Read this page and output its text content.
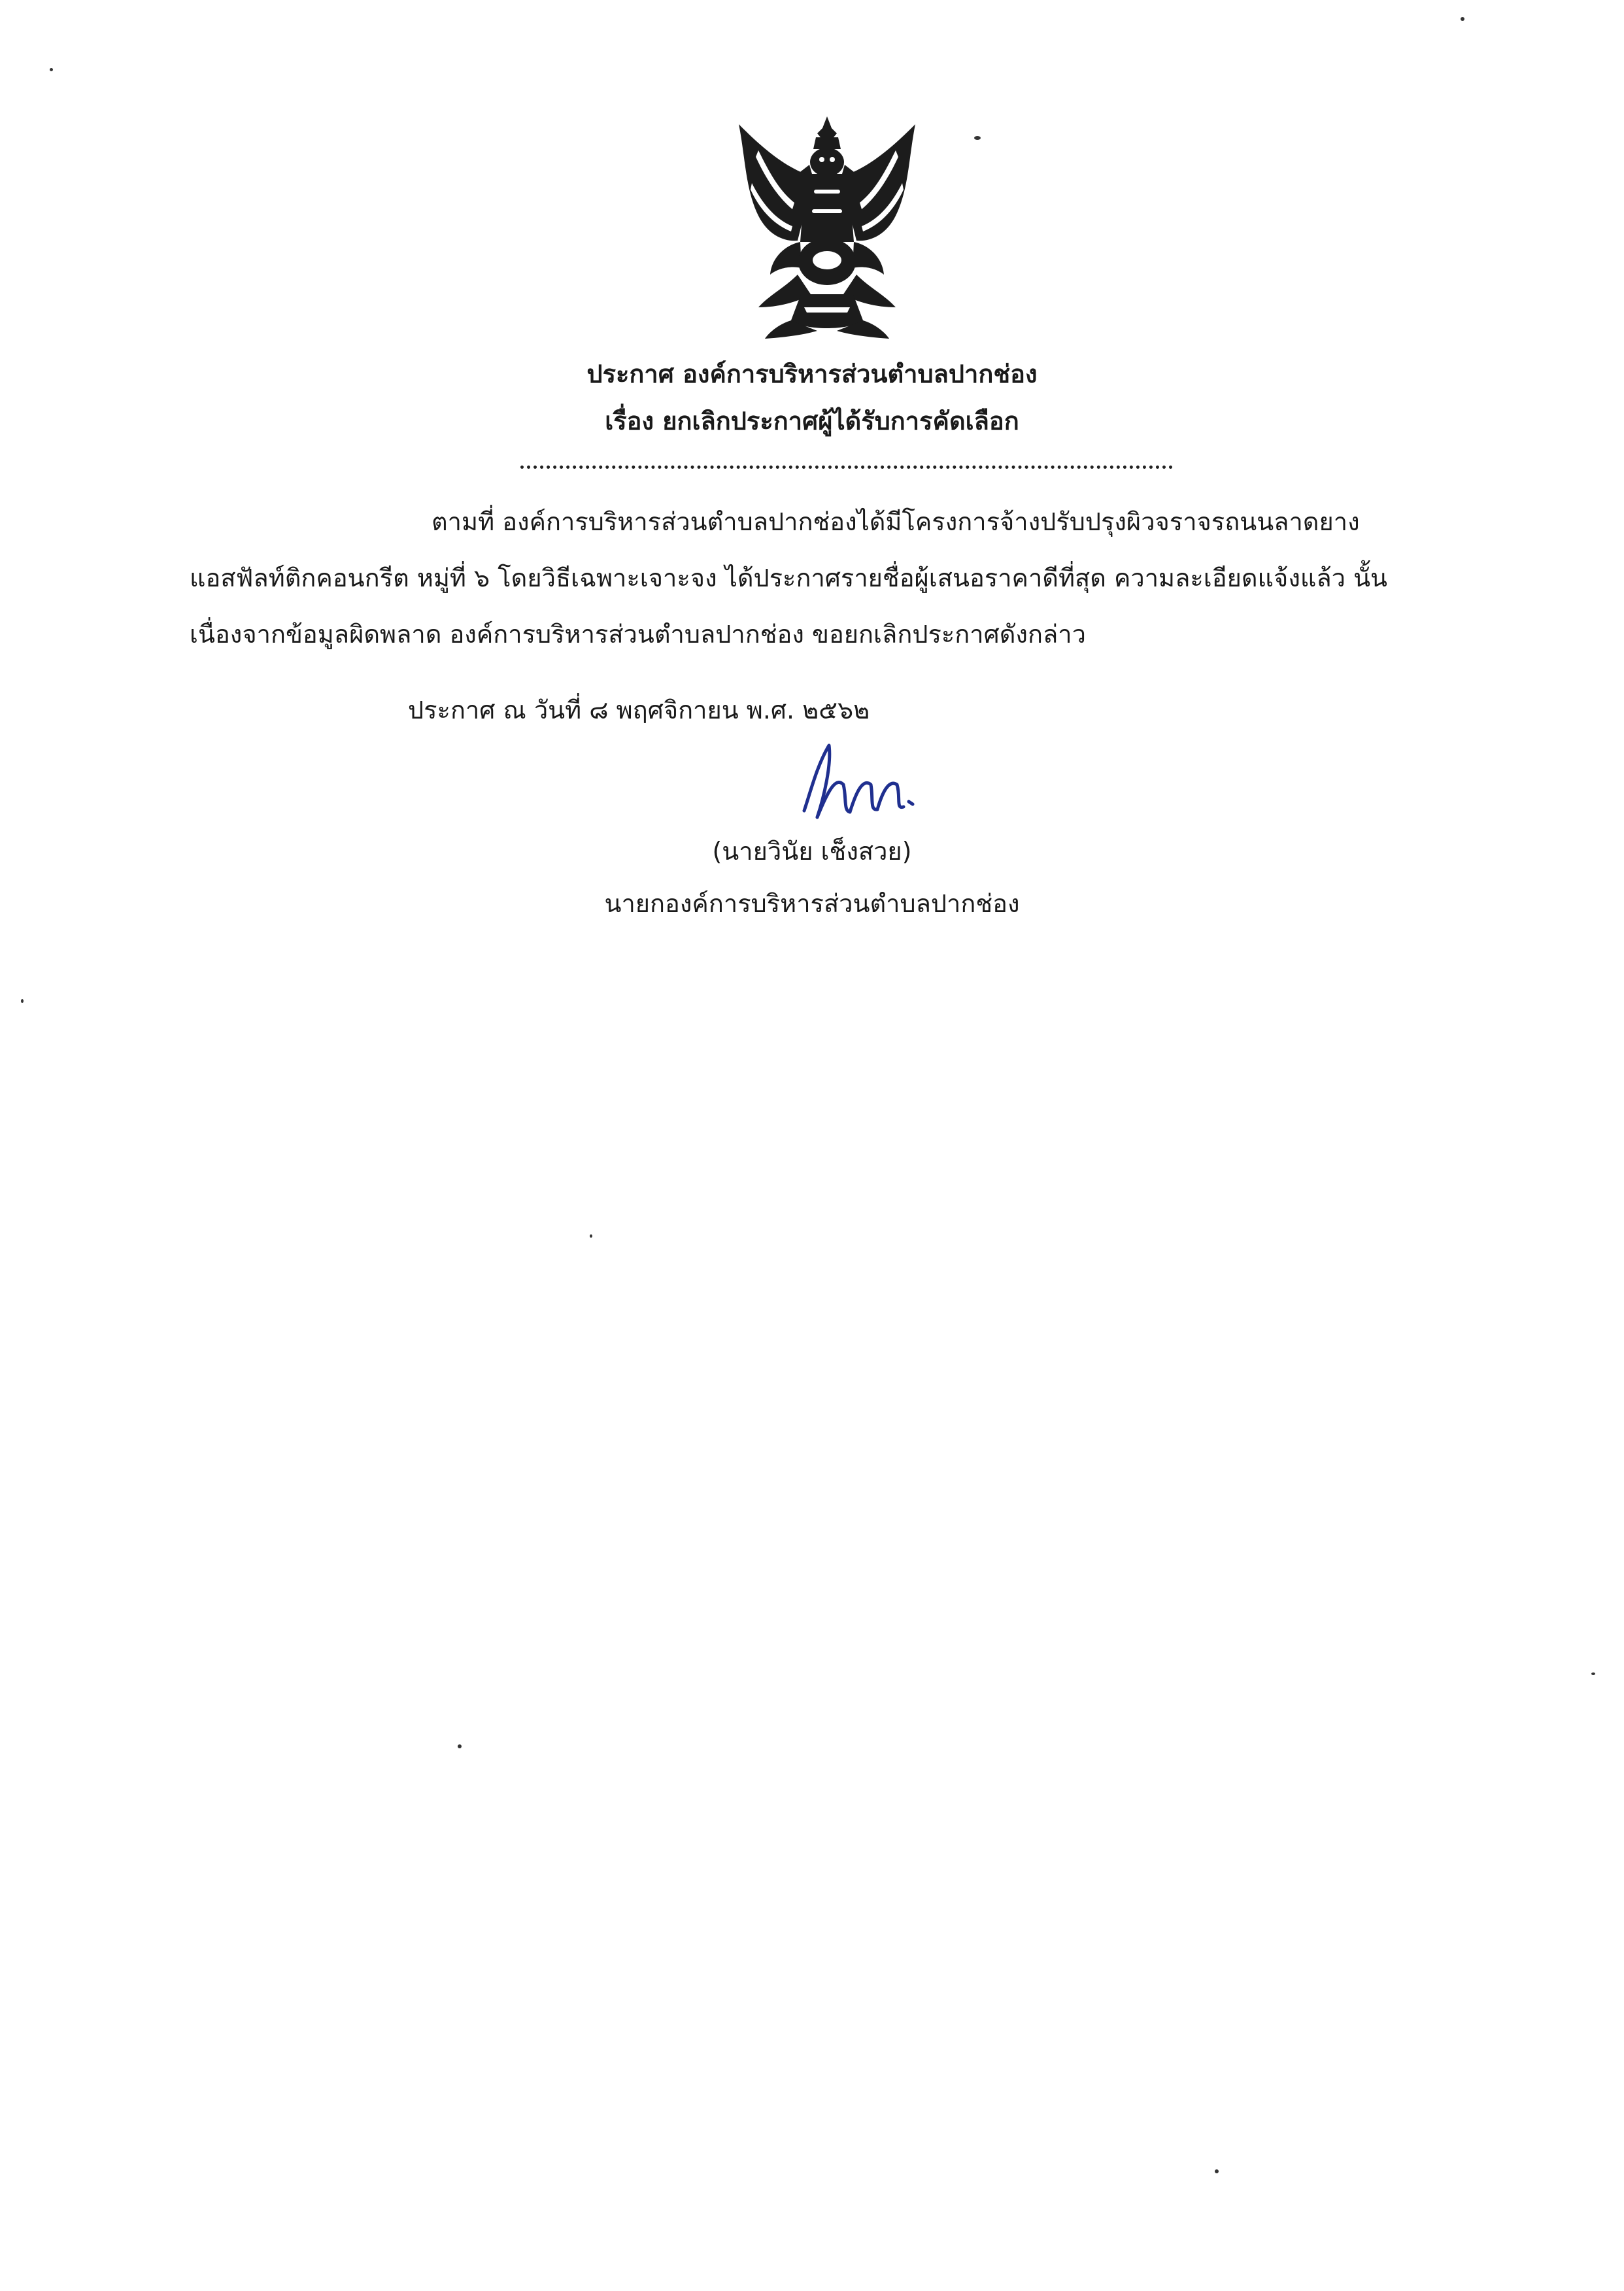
ประกาศ องค์การบริหารส่วนตำบลปากช่อง
เรื่อง ยกเลิกประกาศผู้ได้รับการคัดเลือก
ตามที่ องค์การบริหารส่วนตำบลปากช่องได้มีโครงการจ้างปรับปรุงผิวจราจรถนนลาดยาง
แอสฟัลท์ติกคอนกรีต หมู่ที่ ๖ โดยวิธีเฉพาะเจาะจง ได้ประกาศรายชื่อผู้เสนอราคาดีที่สุด ความละเอียดแจ้งแล้ว นั้น
เนื่องจากข้อมูลผิดพลาด องค์การบริหารส่วนตำบลปากช่อง ขอยกเลิกประกาศดังกล่าว
ประกาศ ณ วันที่ ๘ พฤศจิกายน พ.ศ. ๒๕๖๒
(นายวินัย เช็งสวย)
นายกองค์การบริหารส่วนตำบลปากช่อง
